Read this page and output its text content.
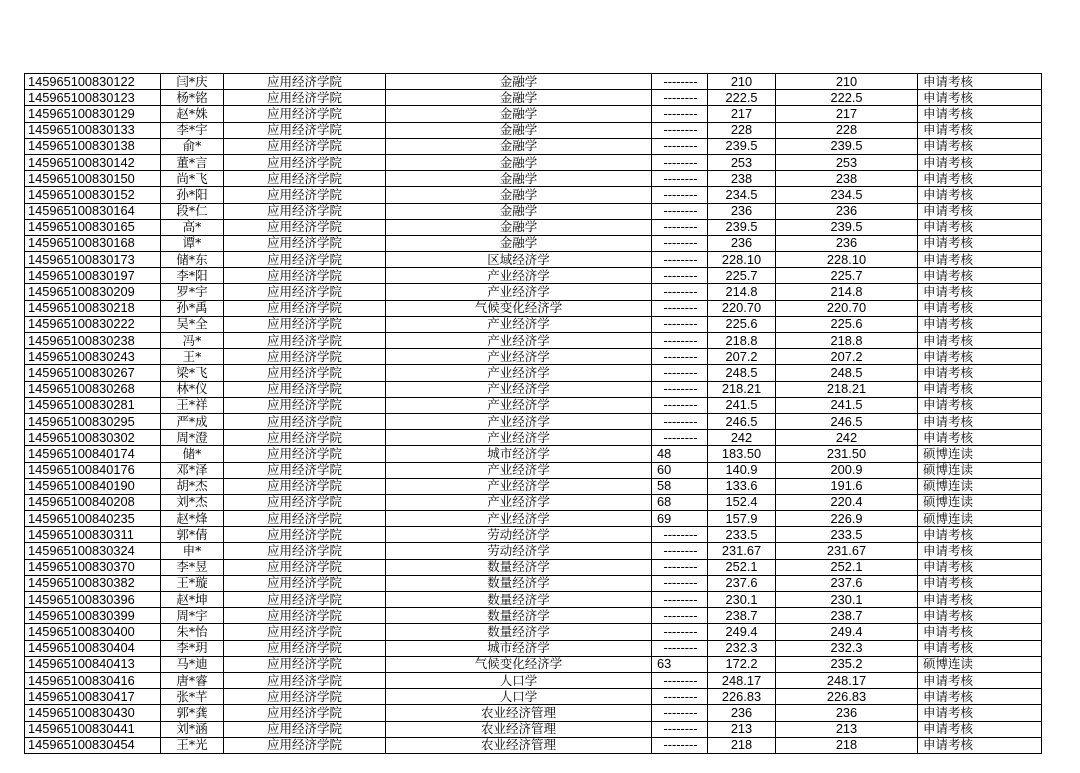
145965100830122	闫*庆	应用经济学院	金融学	--------	210	210	申请考核
145965100830123	杨*铭	应用经济学院	金融学	--------	222.5	222.5	申请考核
145965100830129	赵*姝	应用经济学院	金融学	--------	217	217	申请考核
145965100830133	李*宇	应用经济学院	金融学	--------	228	228	申请考核
145965100830138	俞*	应用经济学院	金融学	--------	239.5	239.5	申请考核
145965100830142	董*言	应用经济学院	金融学	--------	253	253	申请考核
145965100830150	尚*飞	应用经济学院	金融学	--------	238	238	申请考核
145965100830152	孙*阳	应用经济学院	金融学	--------	234.5	234.5	申请考核
145965100830164	段*仁	应用经济学院	金融学	--------	236	236	申请考核
145965100830165	高*	应用经济学院	金融学	--------	239.5	239.5	申请考核
145965100830168	谭*	应用经济学院	金融学	--------	236	236	申请考核
145965100830173	储*东	应用经济学院	区域经济学	--------	228.10	228.10	申请考核
145965100830197	李*阳	应用经济学院	产业经济学	--------	225.7	225.7	申请考核
145965100830209	罗*宇	应用经济学院	产业经济学	--------	214.8	214.8	申请考核
145965100830218	孙*禹	应用经济学院	气候变化经济学	--------	220.70	220.70	申请考核
145965100830222	吴*全	应用经济学院	产业经济学	--------	225.6	225.6	申请考核
145965100830238	冯*	应用经济学院	产业经济学	--------	218.8	218.8	申请考核
145965100830243	王*	应用经济学院	产业经济学	--------	207.2	207.2	申请考核
145965100830267	梁*飞	应用经济学院	产业经济学	--------	248.5	248.5	申请考核
145965100830268	林*仪	应用经济学院	产业经济学	--------	218.21	218.21	申请考核
145965100830281	王*祥	应用经济学院	产业经济学	--------	241.5	241.5	申请考核
145965100830295	严*成	应用经济学院	产业经济学	--------	246.5	246.5	申请考核
145965100830302	周*澄	应用经济学院	产业经济学	--------	242	242	申请考核
145965100840174	储*	应用经济学院	城市经济学	48	183.50	231.50	硕博连读
145965100840176	邓*泽	应用经济学院	产业经济学	60	140.9	200.9	硕博连读
145965100840190	胡*杰	应用经济学院	产业经济学	58	133.6	191.6	硕博连读
145965100840208	刘*杰	应用经济学院	产业经济学	68	152.4	220.4	硕博连读
145965100840235	赵*烽	应用经济学院	产业经济学	69	157.9	226.9	硕博连读
145965100830311	郭*倩	应用经济学院	劳动经济学	--------	233.5	233.5	申请考核
145965100830324	申*	应用经济学院	劳动经济学	--------	231.67	231.67	申请考核
145965100830370	李*昱	应用经济学院	数量经济学	--------	252.1	252.1	申请考核
145965100830382	王*璇	应用经济学院	数量经济学	--------	237.6	237.6	申请考核
145965100830396	赵*坤	应用经济学院	数量经济学	--------	230.1	230.1	申请考核
145965100830399	周*宇	应用经济学院	数量经济学	--------	238.7	238.7	申请考核
145965100830400	朱*怡	应用经济学院	数量经济学	--------	249.4	249.4	申请考核
145965100830404	李*玥	应用经济学院	城市经济学	--------	232.3	232.3	申请考核
145965100840413	马*迪	应用经济学院	气候变化经济学	63	172.2	235.2	硕博连读
145965100830416	唐*睿	应用经济学院	人口学	--------	248.17	248.17	申请考核
145965100830417	张*芊	应用经济学院	人口学	--------	226.83	226.83	申请考核
145965100830430	郭*龚	应用经济学院	农业经济管理	--------	236	236	申请考核
145965100830441	刘*涵	应用经济学院	农业经济管理	--------	213	213	申请考核
145965100830454	王*光	应用经济学院	农业经济管理	--------	218	218	申请考核
